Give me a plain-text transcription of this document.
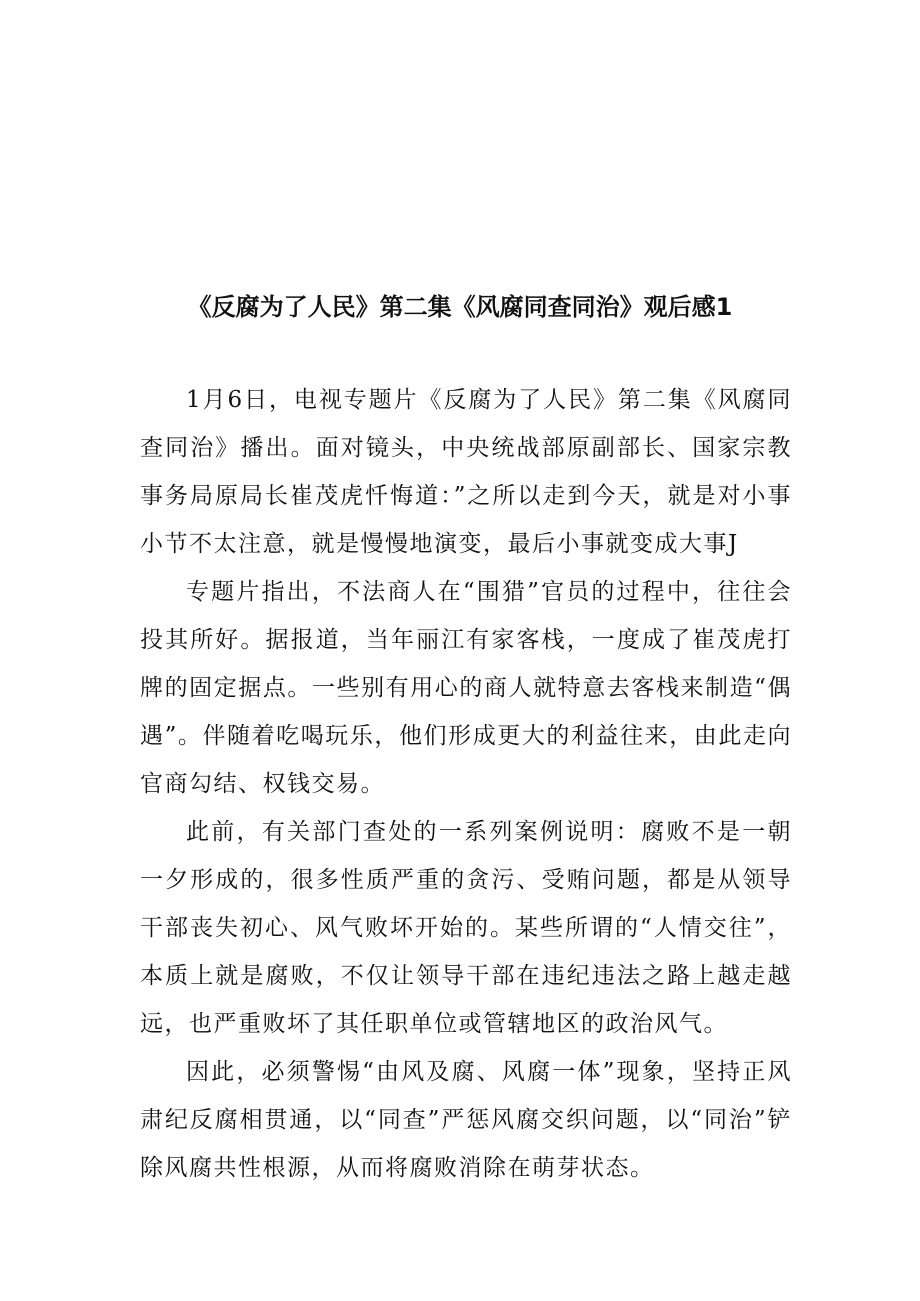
《反腐为了人民》第二集《风腐同查同治》观后感1

1月6日，电视专题片《反腐为了人民》第二集《风腐同查同治》播出。面对镜头，中央统战部原副部长、国家宗教事务局原局长崔茂虎忏悔道：”之所以走到今天，就是对小事小节不太注意，就是慢慢地演变，最后小事就变成大事J

专题片指出，不法商人在“围猎”官员的过程中，往往会投其所好。据报道，当年丽江有家客栈，一度成了崔茂虎打牌的固定据点。一些别有用心的商人就特意去客栈来制造“偶遇”。伴随着吃喝玩乐，他们形成更大的利益往来，由此走向官商勾结、权钱交易。

此前，有关部门查处的一系列案例说明：腐败不是一朝一夕形成的，很多性质严重的贪污、受贿问题，都是从领导干部丧失初心、风气败坏开始的。某些所谓的“人情交往”，本质上就是腐败，不仅让领导干部在违纪违法之路上越走越远，也严重败坏了其任职单位或管辖地区的政治风气。

因此，必须警惕“由风及腐、风腐一体”现象，坚持正风肃纪反腐相贯通，以“同查”严惩风腐交织问题，以“同治”铲除风腐共性根源，从而将腐败消除在萌芽状态。
